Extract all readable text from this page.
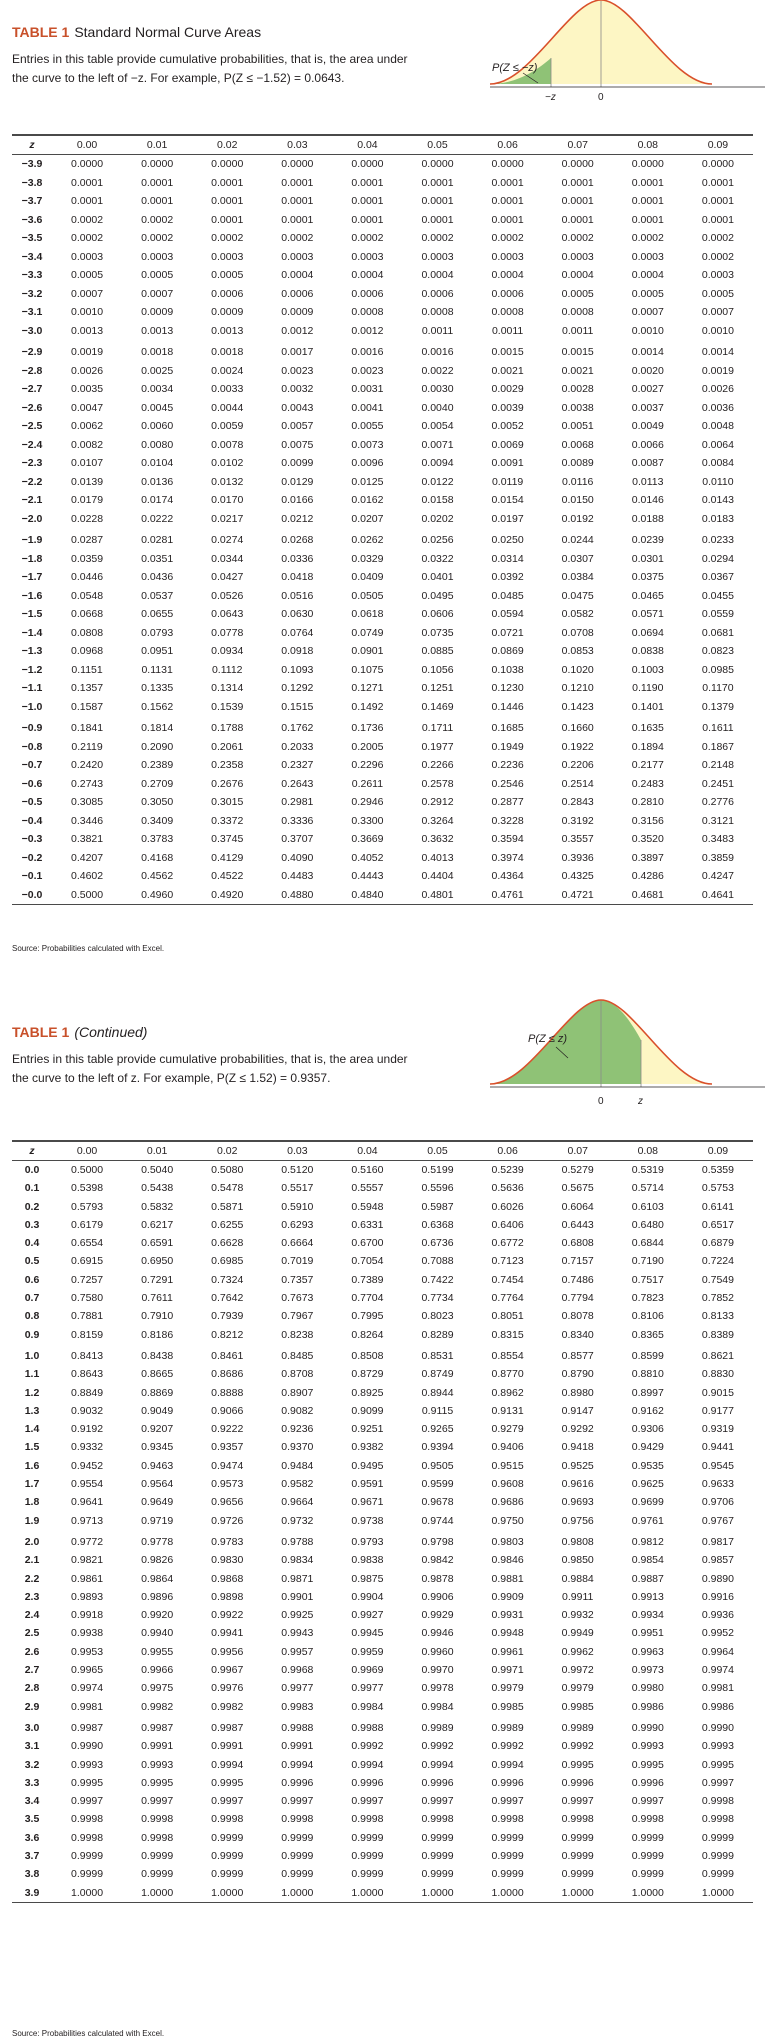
TABLE 1 Standard Normal Curve Areas
Entries in this table provide cumulative probabilities, that is, the area under
the curve to the left of −z. For example, P(Z ≤ −1.52) = 0.0643.
P(Z ≤ −z)
−z	0
z	0.00	0.01	0.02	0.03	0.04	0.05	0.06	0.07	0.08	0.09
−3.9	0.0000	0.0000	0.0000	0.0000	0.0000	0.0000	0.0000	0.0000	0.0000	0.0000
−3.8	0.0001	0.0001	0.0001	0.0001	0.0001	0.0001	0.0001	0.0001	0.0001	0.0001
−3.7	0.0001	0.0001	0.0001	0.0001	0.0001	0.0001	0.0001	0.0001	0.0001	0.0001
−3.6	0.0002	0.0002	0.0001	0.0001	0.0001	0.0001	0.0001	0.0001	0.0001	0.0001
−3.5	0.0002	0.0002	0.0002	0.0002	0.0002	0.0002	0.0002	0.0002	0.0002	0.0002
−3.4	0.0003	0.0003	0.0003	0.0003	0.0003	0.0003	0.0003	0.0003	0.0003	0.0002
−3.3	0.0005	0.0005	0.0005	0.0004	0.0004	0.0004	0.0004	0.0004	0.0004	0.0003
−3.2	0.0007	0.0007	0.0006	0.0006	0.0006	0.0006	0.0006	0.0005	0.0005	0.0005
−3.1	0.0010	0.0009	0.0009	0.0009	0.0008	0.0008	0.0008	0.0008	0.0007	0.0007
−3.0	0.0013	0.0013	0.0013	0.0012	0.0012	0.0011	0.0011	0.0011	0.0010	0.0010
−2.9	0.0019	0.0018	0.0018	0.0017	0.0016	0.0016	0.0015	0.0015	0.0014	0.0014
−2.8	0.0026	0.0025	0.0024	0.0023	0.0023	0.0022	0.0021	0.0021	0.0020	0.0019
−2.7	0.0035	0.0034	0.0033	0.0032	0.0031	0.0030	0.0029	0.0028	0.0027	0.0026
−2.6	0.0047	0.0045	0.0044	0.0043	0.0041	0.0040	0.0039	0.0038	0.0037	0.0036
−2.5	0.0062	0.0060	0.0059	0.0057	0.0055	0.0054	0.0052	0.0051	0.0049	0.0048
−2.4	0.0082	0.0080	0.0078	0.0075	0.0073	0.0071	0.0069	0.0068	0.0066	0.0064
−2.3	0.0107	0.0104	0.0102	0.0099	0.0096	0.0094	0.0091	0.0089	0.0087	0.0084
−2.2	0.0139	0.0136	0.0132	0.0129	0.0125	0.0122	0.0119	0.0116	0.0113	0.0110
−2.1	0.0179	0.0174	0.0170	0.0166	0.0162	0.0158	0.0154	0.0150	0.0146	0.0143
−2.0	0.0228	0.0222	0.0217	0.0212	0.0207	0.0202	0.0197	0.0192	0.0188	0.0183
−1.9	0.0287	0.0281	0.0274	0.0268	0.0262	0.0256	0.0250	0.0244	0.0239	0.0233
−1.8	0.0359	0.0351	0.0344	0.0336	0.0329	0.0322	0.0314	0.0307	0.0301	0.0294
−1.7	0.0446	0.0436	0.0427	0.0418	0.0409	0.0401	0.0392	0.0384	0.0375	0.0367
−1.6	0.0548	0.0537	0.0526	0.0516	0.0505	0.0495	0.0485	0.0475	0.0465	0.0455
−1.5	0.0668	0.0655	0.0643	0.0630	0.0618	0.0606	0.0594	0.0582	0.0571	0.0559
−1.4	0.0808	0.0793	0.0778	0.0764	0.0749	0.0735	0.0721	0.0708	0.0694	0.0681
−1.3	0.0968	0.0951	0.0934	0.0918	0.0901	0.0885	0.0869	0.0853	0.0838	0.0823
−1.2	0.1151	0.1131	0.1112	0.1093	0.1075	0.1056	0.1038	0.1020	0.1003	0.0985
−1.1	0.1357	0.1335	0.1314	0.1292	0.1271	0.1251	0.1230	0.1210	0.1190	0.1170
−1.0	0.1587	0.1562	0.1539	0.1515	0.1492	0.1469	0.1446	0.1423	0.1401	0.1379
−0.9	0.1841	0.1814	0.1788	0.1762	0.1736	0.1711	0.1685	0.1660	0.1635	0.1611
−0.8	0.2119	0.2090	0.2061	0.2033	0.2005	0.1977	0.1949	0.1922	0.1894	0.1867
−0.7	0.2420	0.2389	0.2358	0.2327	0.2296	0.2266	0.2236	0.2206	0.2177	0.2148
−0.6	0.2743	0.2709	0.2676	0.2643	0.2611	0.2578	0.2546	0.2514	0.2483	0.2451
−0.5	0.3085	0.3050	0.3015	0.2981	0.2946	0.2912	0.2877	0.2843	0.2810	0.2776
−0.4	0.3446	0.3409	0.3372	0.3336	0.3300	0.3264	0.3228	0.3192	0.3156	0.3121
−0.3	0.3821	0.3783	0.3745	0.3707	0.3669	0.3632	0.3594	0.3557	0.3520	0.3483
−0.2	0.4207	0.4168	0.4129	0.4090	0.4052	0.4013	0.3974	0.3936	0.3897	0.3859
−0.1	0.4602	0.4562	0.4522	0.4483	0.4443	0.4404	0.4364	0.4325	0.4286	0.4247
−0.0	0.5000	0.4960	0.4920	0.4880	0.4840	0.4801	0.4761	0.4721	0.4681	0.4641
Source: Probabilities calculated with Excel.
TABLE 1 (Continued)
Entries in this table provide cumulative probabilities, that is, the area under
the curve to the left of z. For example, P(Z ≤ 1.52) = 0.9357.
P(Z ≤ z)
0	z
z	0.00	0.01	0.02	0.03	0.04	0.05	0.06	0.07	0.08	0.09
0.0	0.5000	0.5040	0.5080	0.5120	0.5160	0.5199	0.5239	0.5279	0.5319	0.5359
0.1	0.5398	0.5438	0.5478	0.5517	0.5557	0.5596	0.5636	0.5675	0.5714	0.5753
0.2	0.5793	0.5832	0.5871	0.5910	0.5948	0.5987	0.6026	0.6064	0.6103	0.6141
0.3	0.6179	0.6217	0.6255	0.6293	0.6331	0.6368	0.6406	0.6443	0.6480	0.6517
0.4	0.6554	0.6591	0.6628	0.6664	0.6700	0.6736	0.6772	0.6808	0.6844	0.6879
0.5	0.6915	0.6950	0.6985	0.7019	0.7054	0.7088	0.7123	0.7157	0.7190	0.7224
0.6	0.7257	0.7291	0.7324	0.7357	0.7389	0.7422	0.7454	0.7486	0.7517	0.7549
0.7	0.7580	0.7611	0.7642	0.7673	0.7704	0.7734	0.7764	0.7794	0.7823	0.7852
0.8	0.7881	0.7910	0.7939	0.7967	0.7995	0.8023	0.8051	0.8078	0.8106	0.8133
0.9	0.8159	0.8186	0.8212	0.8238	0.8264	0.8289	0.8315	0.8340	0.8365	0.8389
1.0	0.8413	0.8438	0.8461	0.8485	0.8508	0.8531	0.8554	0.8577	0.8599	0.8621
1.1	0.8643	0.8665	0.8686	0.8708	0.8729	0.8749	0.8770	0.8790	0.8810	0.8830
1.2	0.8849	0.8869	0.8888	0.8907	0.8925	0.8944	0.8962	0.8980	0.8997	0.9015
1.3	0.9032	0.9049	0.9066	0.9082	0.9099	0.9115	0.9131	0.9147	0.9162	0.9177
1.4	0.9192	0.9207	0.9222	0.9236	0.9251	0.9265	0.9279	0.9292	0.9306	0.9319
1.5	0.9332	0.9345	0.9357	0.9370	0.9382	0.9394	0.9406	0.9418	0.9429	0.9441
1.6	0.9452	0.9463	0.9474	0.9484	0.9495	0.9505	0.9515	0.9525	0.9535	0.9545
1.7	0.9554	0.9564	0.9573	0.9582	0.9591	0.9599	0.9608	0.9616	0.9625	0.9633
1.8	0.9641	0.9649	0.9656	0.9664	0.9671	0.9678	0.9686	0.9693	0.9699	0.9706
1.9	0.9713	0.9719	0.9726	0.9732	0.9738	0.9744	0.9750	0.9756	0.9761	0.9767
2.0	0.9772	0.9778	0.9783	0.9788	0.9793	0.9798	0.9803	0.9808	0.9812	0.9817
2.1	0.9821	0.9826	0.9830	0.9834	0.9838	0.9842	0.9846	0.9850	0.9854	0.9857
2.2	0.9861	0.9864	0.9868	0.9871	0.9875	0.9878	0.9881	0.9884	0.9887	0.9890
2.3	0.9893	0.9896	0.9898	0.9901	0.9904	0.9906	0.9909	0.9911	0.9913	0.9916
2.4	0.9918	0.9920	0.9922	0.9925	0.9927	0.9929	0.9931	0.9932	0.9934	0.9936
2.5	0.9938	0.9940	0.9941	0.9943	0.9945	0.9946	0.9948	0.9949	0.9951	0.9952
2.6	0.9953	0.9955	0.9956	0.9957	0.9959	0.9960	0.9961	0.9962	0.9963	0.9964
2.7	0.9965	0.9966	0.9967	0.9968	0.9969	0.9970	0.9971	0.9972	0.9973	0.9974
2.8	0.9974	0.9975	0.9976	0.9977	0.9977	0.9978	0.9979	0.9979	0.9980	0.9981
2.9	0.9981	0.9982	0.9982	0.9983	0.9984	0.9984	0.9985	0.9985	0.9986	0.9986
3.0	0.9987	0.9987	0.9987	0.9988	0.9988	0.9989	0.9989	0.9989	0.9990	0.9990
3.1	0.9990	0.9991	0.9991	0.9991	0.9992	0.9992	0.9992	0.9992	0.9993	0.9993
3.2	0.9993	0.9993	0.9994	0.9994	0.9994	0.9994	0.9994	0.9995	0.9995	0.9995
3.3	0.9995	0.9995	0.9995	0.9996	0.9996	0.9996	0.9996	0.9996	0.9996	0.9997
3.4	0.9997	0.9997	0.9997	0.9997	0.9997	0.9997	0.9997	0.9997	0.9997	0.9998
3.5	0.9998	0.9998	0.9998	0.9998	0.9998	0.9998	0.9998	0.9998	0.9998	0.9998
3.6	0.9998	0.9998	0.9999	0.9999	0.9999	0.9999	0.9999	0.9999	0.9999	0.9999
3.7	0.9999	0.9999	0.9999	0.9999	0.9999	0.9999	0.9999	0.9999	0.9999	0.9999
3.8	0.9999	0.9999	0.9999	0.9999	0.9999	0.9999	0.9999	0.9999	0.9999	0.9999
3.9	1.0000	1.0000	1.0000	1.0000	1.0000	1.0000	1.0000	1.0000	1.0000	1.0000
Source: Probabilities calculated with Excel.
